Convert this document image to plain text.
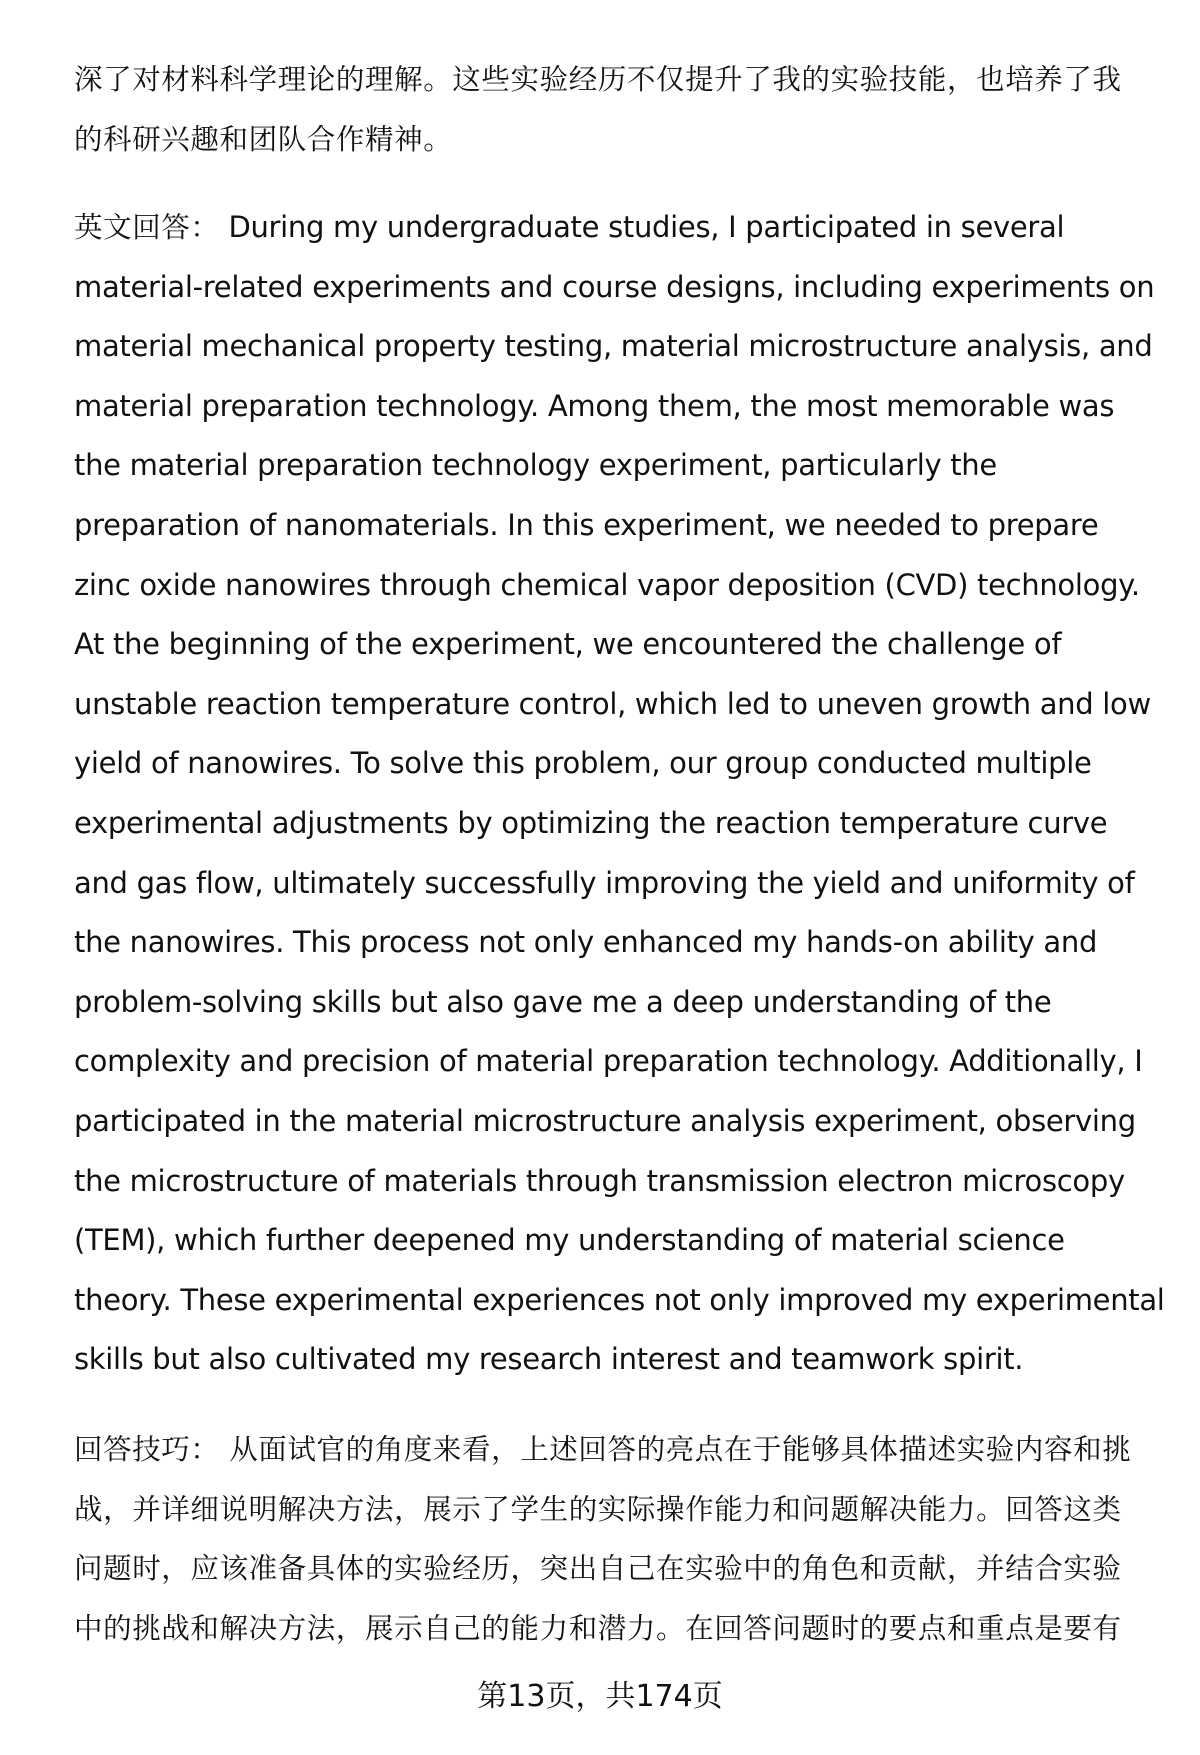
深了对材料科学理论的理解。这些实验经历不仅提升了我的实验技能，也培养了我
的科研兴趣和团队合作精神。
英文回答： During my undergraduate studies, I participated in several
material-related experiments and course designs, including experiments on
material mechanical property testing, material microstructure analysis, and
material preparation technology. Among them, the most memorable was
the material preparation technology experiment, particularly the
preparation of nanomaterials. In this experiment, we needed to prepare
zinc oxide nanowires through chemical vapor deposition (CVD) technology.
At the beginning of the experiment, we encountered the challenge of
unstable reaction temperature control, which led to uneven growth and low
yield of nanowires. To solve this problem, our group conducted multiple
experimental adjustments by optimizing the reaction temperature curve
and gas flow, ultimately successfully improving the yield and uniformity of
the nanowires. This process not only enhanced my hands-on ability and
problem-solving skills but also gave me a deep understanding of the
complexity and precision of material preparation technology. Additionally, I
participated in the material microstructure analysis experiment, observing
the microstructure of materials through transmission electron microscopy
(TEM), which further deepened my understanding of material science
theory. These experimental experiences not only improved my experimental
skills but also cultivated my research interest and teamwork spirit.
回答技巧： 从面试官的角度来看，上述回答的亮点在于能够具体描述实验内容和挑
战，并详细说明解决方法，展示了学生的实际操作能力和问题解决能力。回答这类
问题时，应该准备具体的实验经历，突出自己在实验中的角色和贡献，并结合实验
中的挑战和解决方法，展示自己的能力和潜力。在回答问题时的要点和重点是要有
第13页，共174页
